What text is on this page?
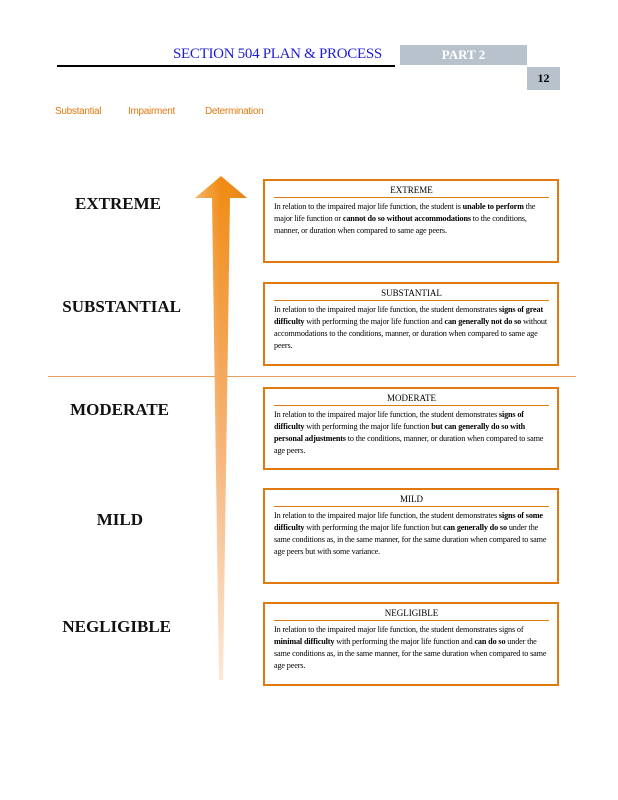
SECTION 504 PLAN & PROCESS	PART 2
12
Substantial	Impairment	Determination
EXTREME
SUBSTANTIAL
MODERATE
MILD
NEGLIGIBLE
EXTREME
In relation to the impaired major life function, the student is unable to perform the major life function or cannot do so without accommodations to the conditions, manner, or duration when compared to same age peers.
SUBSTANTIAL
In relation to the impaired major life function, the student demonstrates signs of great difficulty with performing the major life function and can generally not do so without accommodations to the conditions, manner, or duration when compared to same age peers.
MODERATE
In relation to the impaired major life function, the student demonstrates signs of difficulty with performing the major life function but can generally do so with personal adjustments to the conditions, manner, or duration when compared to same age peers.
MILD
In relation to the impaired major life function, the student demonstrates signs of some difficulty with performing the major life function but can generally do so under the same conditions as, in the same manner, for the same duration when compared to same age peers but with some variance.
NEGLIGIBLE
In relation to the impaired major life function, the student demonstrates signs of minimal difficulty with performing the major life function and can do so under the same conditions as, in the same manner, for the same duration when compared to same age peers.
